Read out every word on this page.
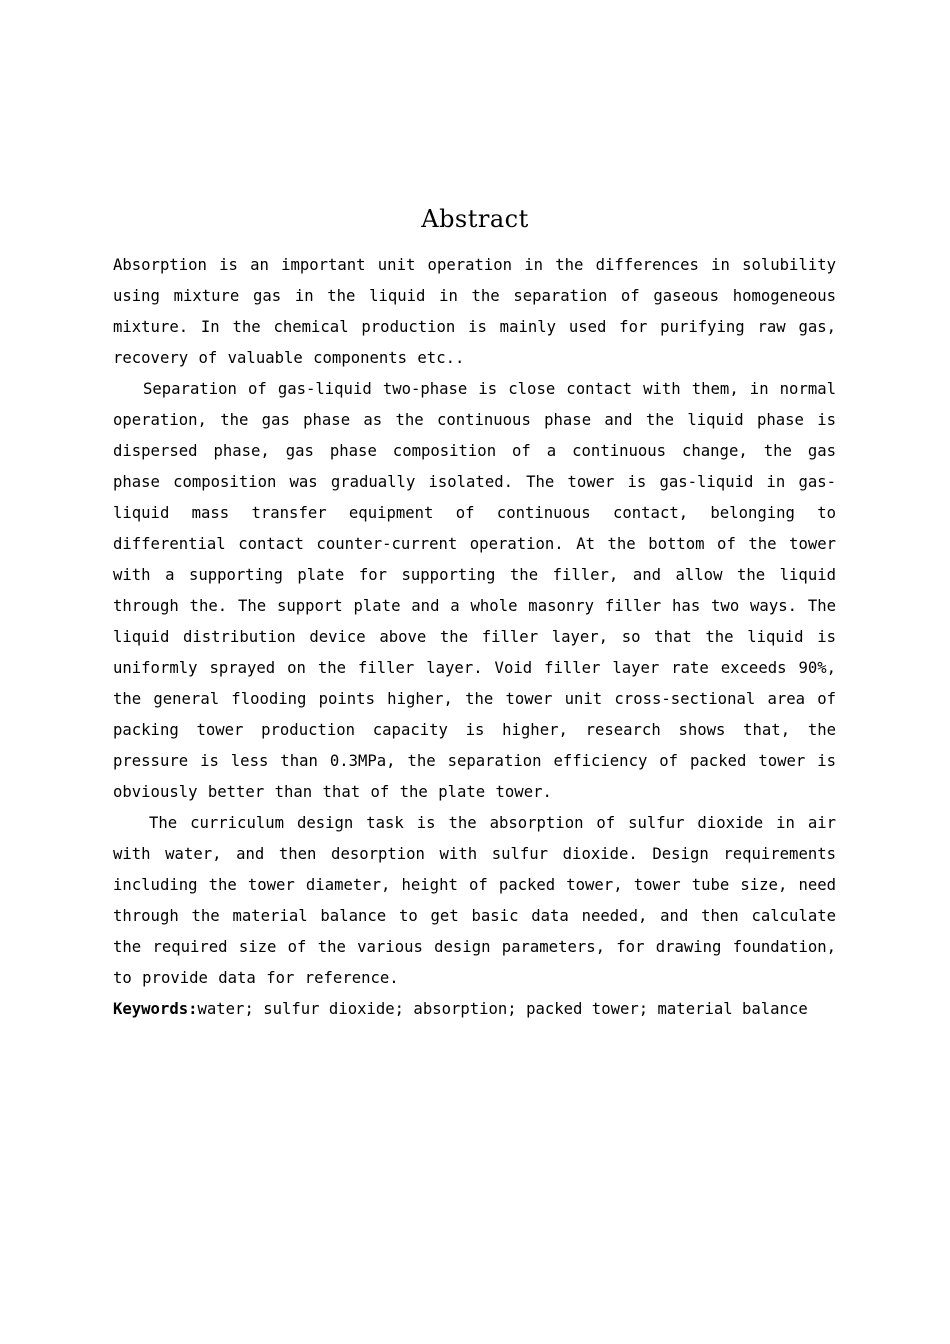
Abstract

Absorption is an important unit operation in the differences in solubility using mixture gas in the liquid in the separation of gaseous homogeneous mixture. In the chemical production is mainly used for purifying raw gas, recovery of valuable components etc..

Separation of gas-liquid two-phase is close contact with them, in normal operation, the gas phase as the continuous phase and the liquid phase is dispersed phase, gas phase composition of a continuous change, the gas phase composition was gradually isolated. The tower is gas-liquid in gas-liquid mass transfer equipment of continuous contact, belonging to differential contact counter-current operation. At the bottom of the tower with a supporting plate for supporting the filler, and allow the liquid through the. The support plate and a whole masonry filler has two ways. The liquid distribution device above the filler layer, so that the liquid is uniformly sprayed on the filler layer. Void filler layer rate exceeds 90%, the general flooding points higher, the tower unit cross-sectional area of packing tower production capacity is higher, research shows that, the pressure is less than 0.3MPa, the separation efficiency of packed tower is obviously better than that of the plate tower.

The curriculum design task is the absorption of sulfur dioxide in air with water, and then desorption with sulfur dioxide. Design requirements including the tower diameter, height of packed tower, tower tube size, need through the material balance to get basic data needed, and then calculate the required size of the various design parameters, for drawing foundation, to provide data for reference.

Keywords:water; sulfur dioxide; absorption; packed tower; material balance
